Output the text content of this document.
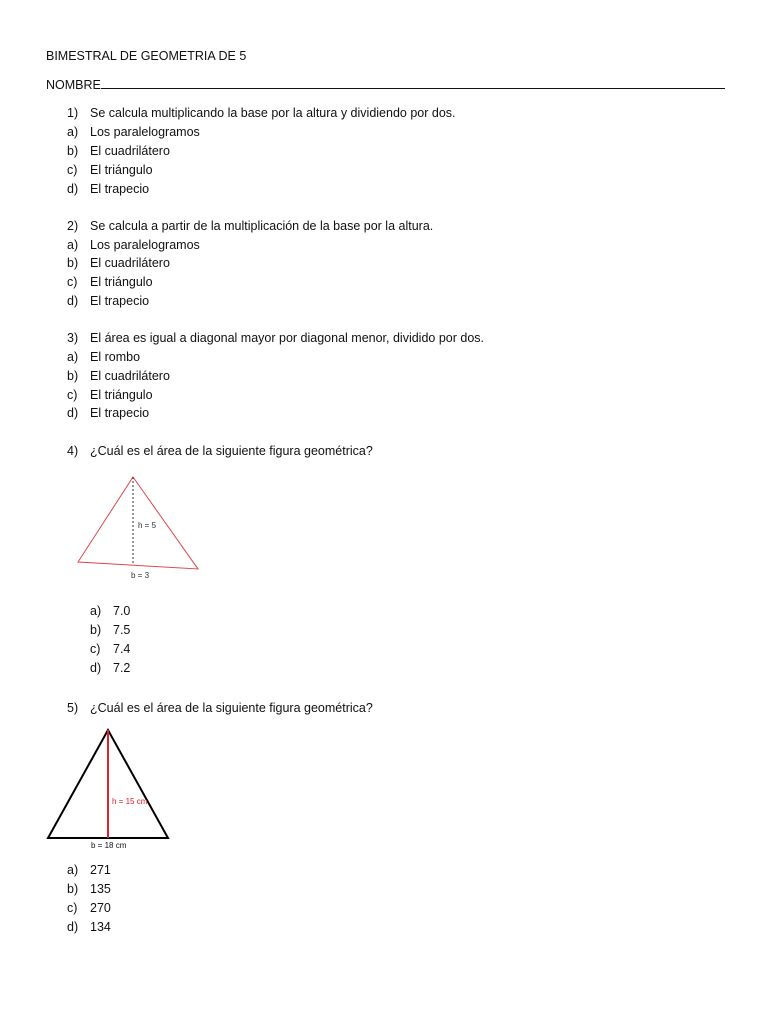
BIMESTRAL DE GEOMETRIA DE 5
NOMBRE
1) Se calcula multiplicando la base por la altura y dividiendo por dos.
a) Los paralelogramos
b) El cuadrilátero
c) El triángulo
d) El trapecio
2) Se calcula a partir de la multiplicación de la base por la altura.
a) Los paralelogramos
b) El cuadrilátero
c) El triángulo
d) El trapecio
3) El área es igual a diagonal mayor por diagonal menor, dividido por dos.
a) El rombo
b) El cuadrilátero
c) El triángulo
d) El trapecio
4) ¿Cuál es el área de la siguiente figura geométrica?
h = 5
b = 3
a) 7.0
b) 7.5
c) 7.4
d) 7.2
5) ¿Cuál es el área de la siguiente figura geométrica?
h = 15 cm
b = 18 cm
a) 271
b) 135
c) 270
d) 134
